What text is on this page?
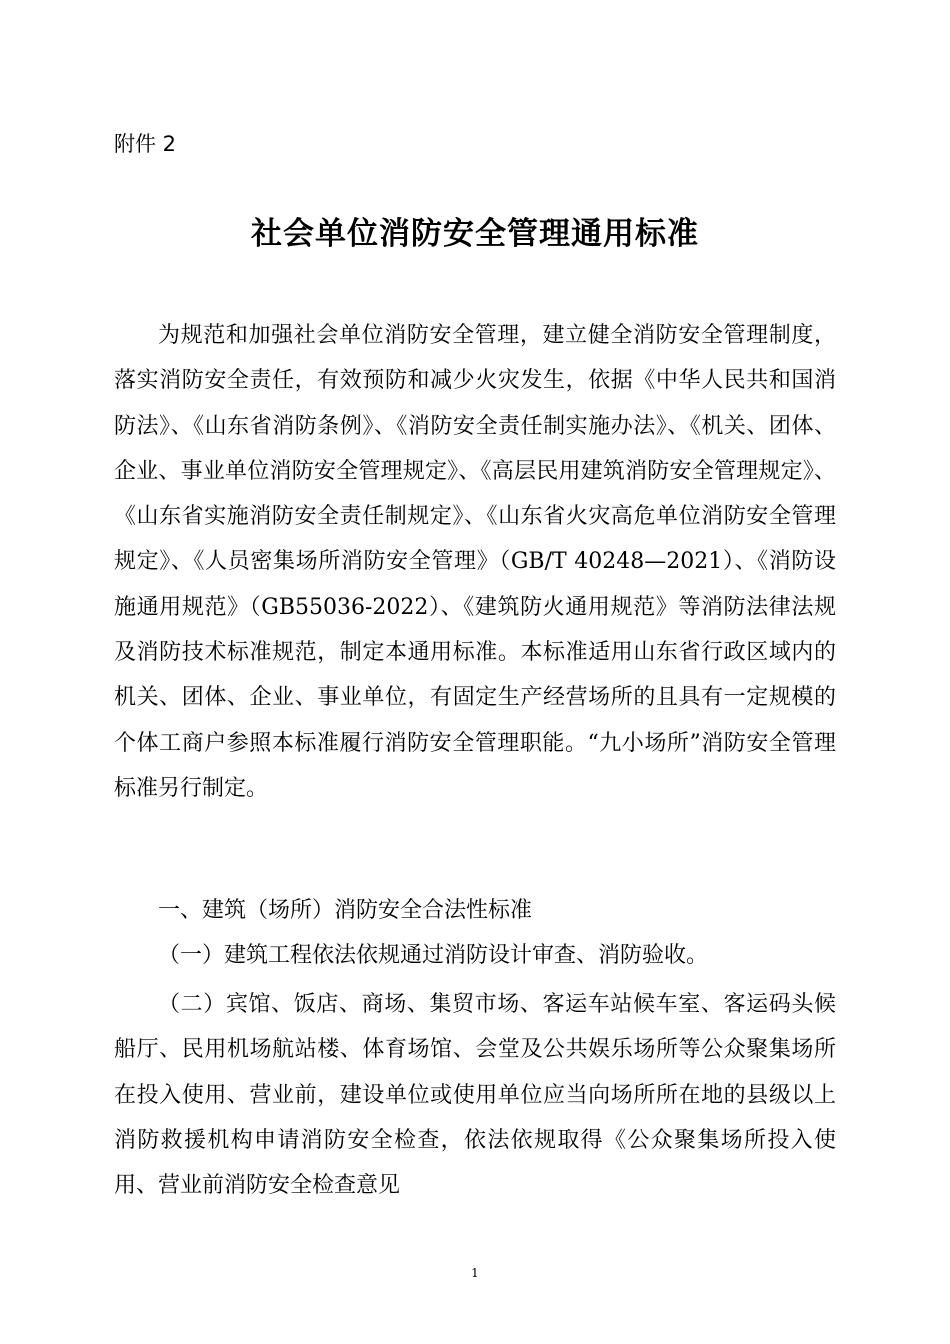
附件 2
社会单位消防安全管理通用标准

为规范和加强社会单位消防安全管理，建立健全消防安全管理制度，落实消防安全责任，有效预防和减少火灾发生，依据《中华人民共和国消防法》、《山东省消防条例》、《消防安全责任制实施办法》、《机关、团体、企业、事业单位消防安全管理规定》、《高层民用建筑消防安全管理规定》、《山东省实施消防安全责任制规定》、《山东省火灾高危单位消防安全管理规定》、《人员密集场所消防安全管理》（GB/T 40248—2021）、《消防设施通用规范》（GB55036-2022）、《建筑防火通用规范》等消防法律法规及消防技术标准规范，制定本通用标准。本标准适用山东省行政区域内的机关、团体、企业、事业单位，有固定生产经营场所的且具有一定规模的个体工商户参照本标准履行消防安全管理职能。“九小场所”消防安全管理标准另行制定。

一、建筑（场所）消防安全合法性标准

（一）建筑工程依法依规通过消防设计审查、消防验收。

（二）宾馆、饭店、商场、集贸市场、客运车站候车室、客运码头候船厅、民用机场航站楼、体育场馆、会堂及公共娱乐场所等公众聚集场所在投入使用、营业前，建设单位或使用单位应当向场所所在地的县级以上消防救援机构申请消防安全检查，依法依规取得《公众聚集场所投入使用、营业前消防安全检查意见

1
